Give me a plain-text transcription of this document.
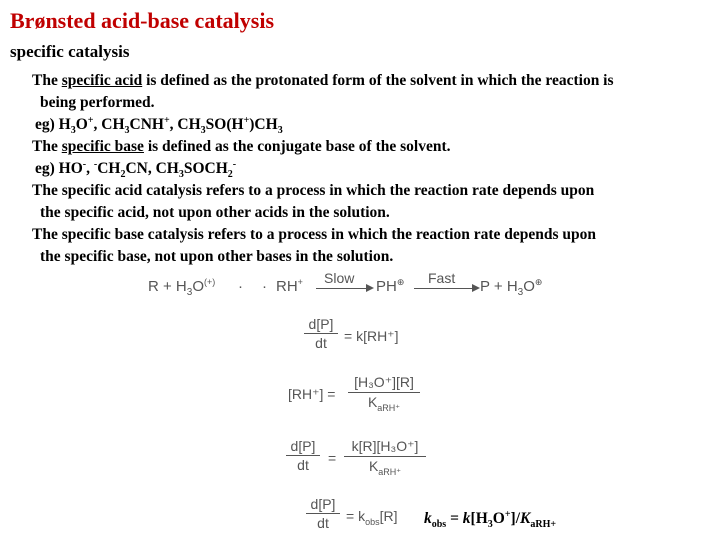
Brønsted acid-base catalysis
specific catalysis
The specific acid is defined as the protonated form of the solvent in which the reaction is
being performed.
eg) $H_3O^+$, $CH_3CNH^+$, $CH_3SO(H^+)CH_3$
The specific base is defined as the conjugate base of the solvent.
eg) HO-, $^-CH_2CN$, $CH_3SOCH_2^-$
The specific acid catalysis refers to a process in which the reaction rate depends upon
the specific acid, not upon other acids in the solution.
The specific base catalysis refers to a process in which the reaction rate depends upon
the specific base, not upon other bases in the solution.
$R + H_3O^{(+)}$ · · RH+ Slow PH⊕ Fast $P + H_3O^\oplus$
d[P]
dt	= k[RH⁺]
[RH⁺] =
[H₃O⁺][R]
$K_{aRH^+}$
d[P]
dt	=
k[R][H₃O⁺]
$K_{aRH^+}$
d[P]
dt	= $k_{obs}[R] k_{obs} = k[H_3O^+]/K_{aRH+}$
